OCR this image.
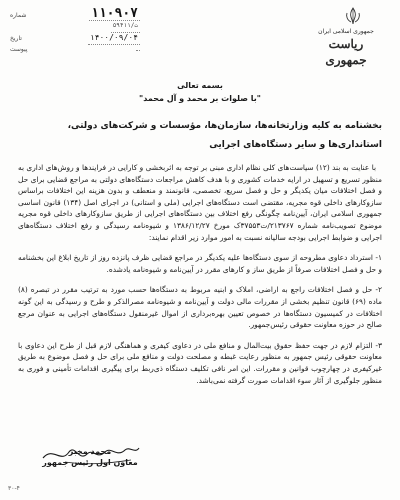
شماره	۱۱۰۹۰۷
۵۹۴۱۱/ت
تاریخ	۱۴۰۰/۰۹/۰۴
پیوست
جمهوری اسلامی ایران
ریاست جمهوری
بسمه تعالی
"با صلوات بر محمد و آل محمد"
بخشنامه به کلیه وزارتخانه‌ها، سازمان‌ها، مؤسسات و شرکت‌های دولتی، استانداری‌ها و سایر دستگاه‌های اجرایی

با عنایت به بند (۱۲) سیاست‌های کلی نظام اداری مبنی بر توجه به اثربخشی و کارایی در فرایندها و روش‌های اداری به منظور تسریع و تسهیل در ارایه خدمات کشوری و با هدف کاهش مراجعات دستگاه‌های دولتی به مراجع قضایی برای حل و فصل اختلافات میان یکدیگر و حل و فصل سریع، تخصصی، قانونمند و منعطف و بدون هزینه این اختلافات براساس سازوکارهای داخلی قوه مجریه، مقتضی است دستگاه‌های اجرایی (ملی و استانی) در اجرای اصل (۱۳۴) قانون اساسی جمهوری اسلامی ایران، آیین‌نامه چگونگی رفع اختلاف بین دستگاه‌های اجرایی از طریق سازوکارهای داخلی قوه مجریه موضوع تصویب‌نامه شماره ۲۱۳۷۶۷/ت۳۷۵۵۳ک مورخ ۱۳۸۶/۱۲/۲۷ و شیوه‌نامه رسیدگی و رفع اختلاف دستگاه‌های اجرایی و ضوابط اجرایی بودجه سالیانه نسبت به امور موارد زیر اقدام نمایند:

۱- استرداد دعاوی مطروحه از سوی دستگاه‌ها علیه یکدیگر در مراجع قضایی ظرف پانزده روز از تاریخ ابلاغ این بخشنامه و حل و فصل اختلافات صرفاً از طریق ساز و کارهای مقرر در آیین‌نامه و شیوه‌نامه یادشده.

۲- حل و فصل اختلافات راجع به اراضی، املاک و ابنیه مربوط به دستگاه‌ها حسب مورد به ترتیب مقرر در تبصره (۸) ماده (۶۹) قانون تنظیم بخشی از مقررات مالی دولت و آیین‌نامه و شیوه‌نامه مصرالذکر و طرح و رسیدگی به این گونه اختلافات در کمیسیون دستگاه‌ها در خصوص تعیین بهره‌برداری از اموال غیرمنقول دستگاه‌های اجرایی به عنوان مرجع صالح در حوزه معاونت حقوقی رئیس‌جمهور.

۳- التزام لازم در جهت حفظ حقوق بیت‌المال و منافع ملی در دعاوی کیفری و هماهنگی لازم قبل از طرح این دعاوی با معاونت حقوقی رئیس جمهور به منظور رعایت غبطه و مصلحت دولت و منافع ملی برای حل و فصل موضوع به طریق غیرکیفری در چهارچوب قوانین و مقررات. این امر نافی تکلیف دستگاه ذی‌ربط برای پیگیری اقدامات تأمینی و فوری به منظور جلوگیری از آثار سوء اقدامات صورت گرفته نمی‌باشد.

محمد مخبر
معاون اول رئیس جمهور
۳۰-۴
